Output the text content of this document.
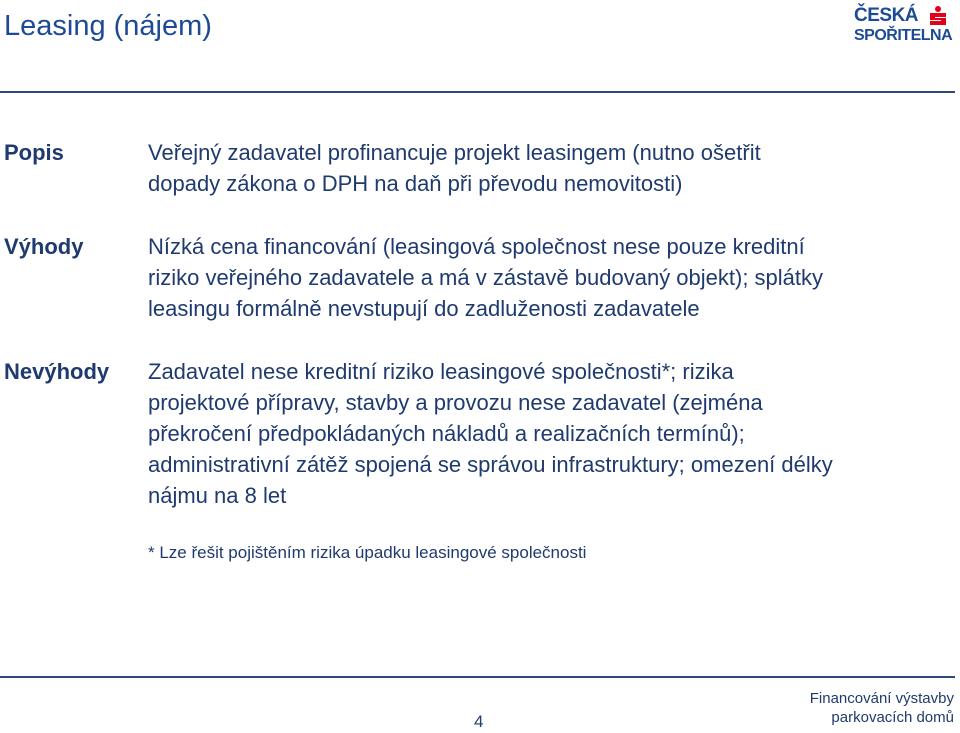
Leasing (nájem)	ČESKÁ
SPOŘITELNA
Popis	Veřejný zadavatel profinancuje projekt leasingem (nutno ošetřit
dopady zákona o DPH na daň při převodu nemovitosti)
Výhody	Nízká cena financování (leasingová společnost nese pouze kreditní
riziko veřejného zadavatele a má v zástavě budovaný objekt); splátky
leasingu formálně nevstupují do zadluženosti zadavatele
Nevýhody Zadavatel nese kreditní riziko leasingové společnosti*; rizika
projektové přípravy, stavby a provozu nese zadavatel (zejména
překročení předpokládaných nákladů a realizačních termínů);
administrativní zátěž spojená se správou infrastruktury; omezení délky
nájmu na 8 let
* Lze řešit pojištěním rizika úpadku leasingové společnosti
4
Financování výstavby
parkovacích domů
